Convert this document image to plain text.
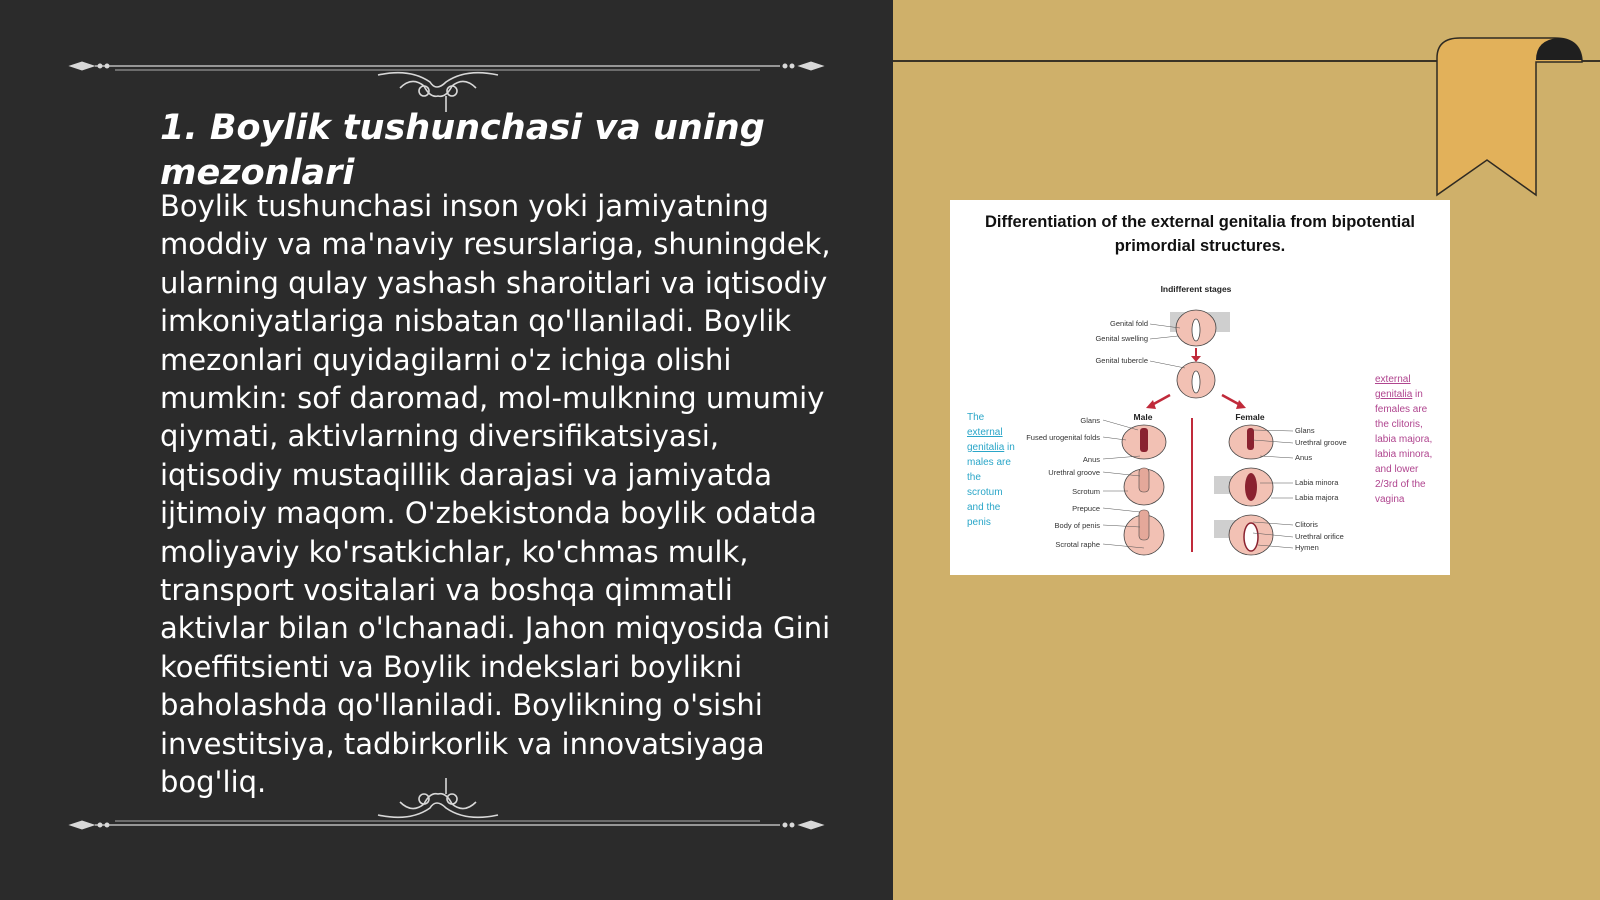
1. Boylik tushunchasi va uning mezonlari

Boylik tushunchasi inson yoki jamiyatning moddiy va ma'naviy resurslariga, shuningdek, ularning qulay yashash sharoitlari va iqtisodiy imkoniyatlariga nisbatan qo'llaniladi. Boylik mezonlari quyidagilarni o'z ichiga olishi mumkin: sof daromad, mol-mulkning umumiy qiymati, aktivlarning diversifikatsiyasi, iqtisodiy mustaqillik darajasi va jamiyatda ijtimoiy maqom. O'zbekistonda boylik odatda moliyaviy ko'rsatkichlar, ko'chmas mulk, transport vositalari va boshqa qimmatli aktivlar bilan o'lchanadi. Jahon miqyosida Gini koeffitsienti va Boylik indekslari boylikni baholashda qo'llaniladi. Boylikning o'sishi investitsiya, tadbirkorlik va innovatsiyaga bog'liq.

Differentiation of the external genitalia from bipotential primordial structures.

Indifferent stages
Male	Female
Genital fold
Genital swelling
Genital tubercle
Glans
Fused urogenital folds
Anus
Urethral groove
Scrotum
Prepuce
Body of penis
Scrotal raphe
Glans
Urethral groove
Anus
Labia minora
Labia majora
Clitoris
Urethral orifice
Hymen

The external genitalia in males are the scrotum and the penis

external genitalia in females are the clitoris, labia majora, labia minora, and lower 2/3rd of the vagina
